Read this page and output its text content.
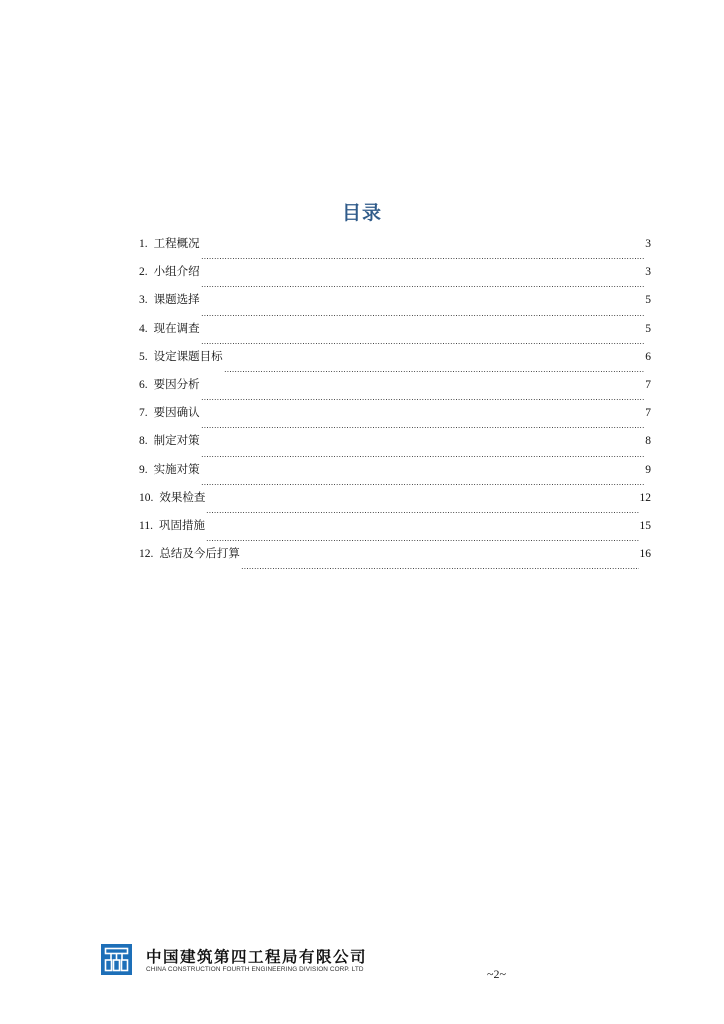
目录
1. 工程概况	3
2. 小组介绍	3
3. 课题选择	5
4. 现在调查	5
5. 设定课题目标	6
6. 要因分析	7
7. 要因确认	7
8. 制定对策	8
9. 实施对策	9
10. 效果检查	12
11. 巩固措施	15
12. 总结及今后打算	16
中国建筑第四工程局有限公司
CHINA CONSTRUCTION FOURTH ENGINEERING DIVISION CORP. LTD	~2~
